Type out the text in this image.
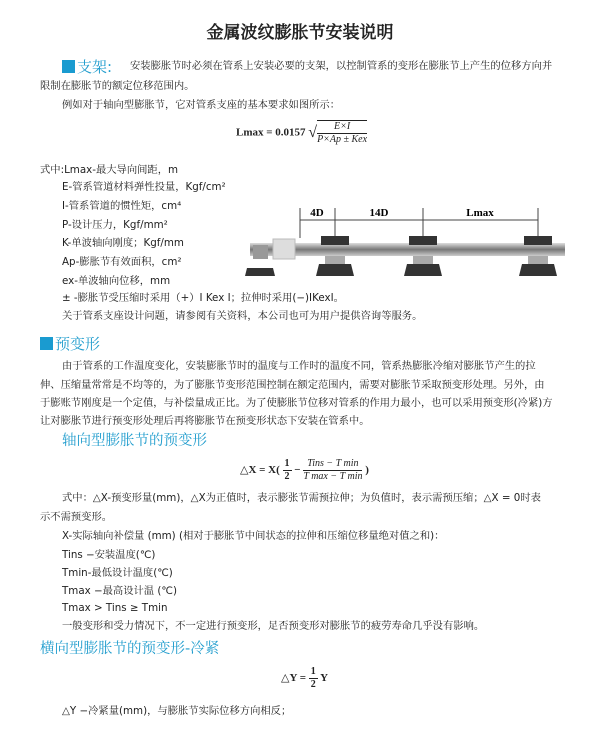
金属波纹膨胀节安装说明
支架: 安装膨胀节时必须在管系上安装必要的支架，以控制管系的变形在膨胀节上产生的位移方向并
限制在膨胀节的额定位移范围内。
例如对于轴向型膨胀节，它对管系支座的基本要求如图所示：
Lmax = 0.0157 √ $\frac{E\times I}{\text{P×Ap ± Kex}}$
式中:Lmax-最大导向间距，m
E-管系管道材料弹性投量，Kgf/cm²
I-管系管道的惯性矩，cm⁴
P-设计压力，Kgf/mm²
K-单波轴向刚度；Kgf/mm
Ap-膨胀节有效面积，cm²
ex-单波轴向位移，mm
± -膨胀节受压缩时采用（+）I Kex I；拉伸时采用(−)IKexI。
关于管系支座设计问题，请参阅有关资料，本公司也可为用户提供咨询等服务。
4D	14D	Lmax
预变形
由于管系的工作温度变化，安装膨胀节时的温度与工作时的温度不同，管系热膨胀冷缩对膨胀节产生的拉
伸、压缩量常常是不均等的，为了膨胀节变形范围控制在额定范围内，需要对膨胀节采取预变形处理。另外，由
于膨账节刚度是一个定值，与补偿量成正比。为了使膨胀节位移对管系的作用力最小，也可以采用预变形(冷紧)方
让对膨胀节进行预变形处理后再将膨胀节在预变形状态下安装在管系中。
轴向型膨胀节的预变形
△X = $X( \frac{1}{2} - \frac{\text{Tins − T min}}{\text{T max − T min}}$ )
式中：△X-预变形量(mm)，△X为正值时，表示膨张节需预拉伸；为负值时，表示需预压缩；△X = 0时表
示不需预变形。
X-实际轴向补偿量 (mm) (相对于膨胀节中间状态的拉伸和压缩位移量绝对值之和)：
Tins −安装温度(℃)
Tmin-最低设计温度(℃)
Tmax −最高设计温 (℃)
Tmax > Tins ≥ Tmin
一般变形和受力情况下，不一定进行预变形，足否预变形对膨胀节的疲劳寿命几乎没有影响。
横向型膨胀节的预变形-冷紧
△Y = $\frac{1}{2}$ Y
△Y −冷紧量(mm)，与膨胀节实际位移方向相反；
